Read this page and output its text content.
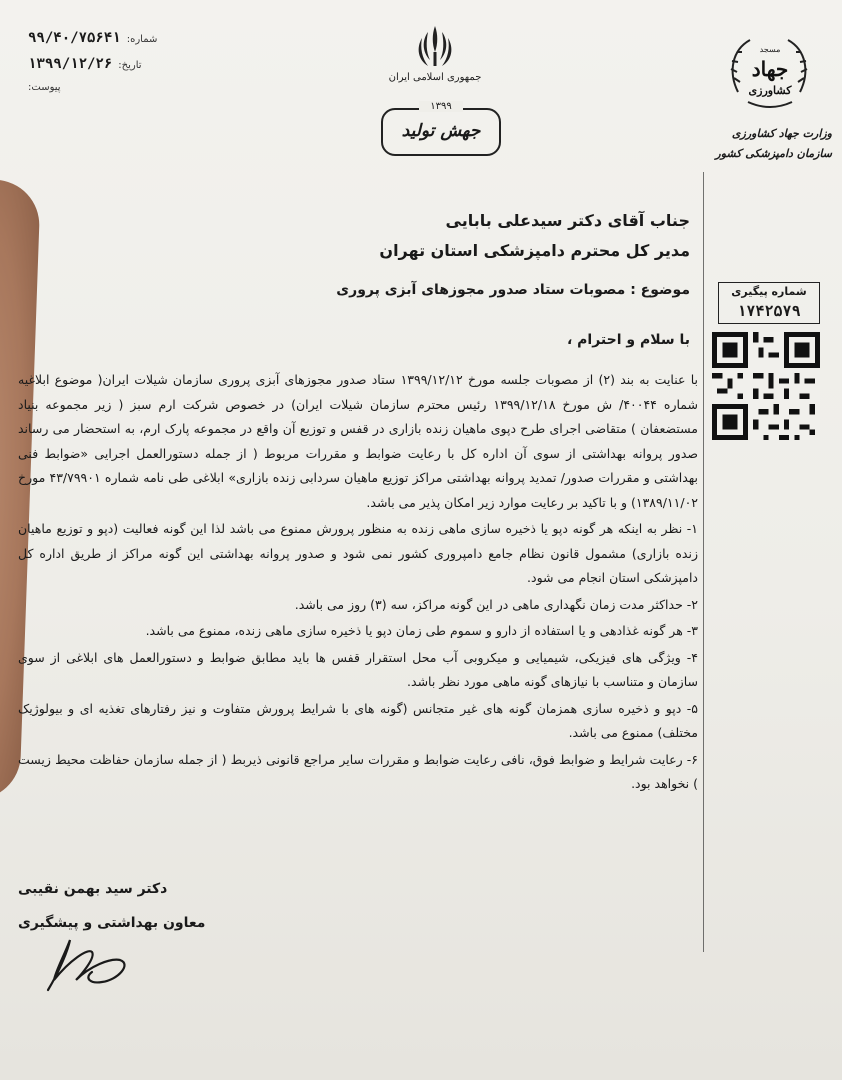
شماره:
۹۹/۴۰/۷۵۶۴۱
تاریخ:
۱۳۹۹/۱۲/۲۶
پیوست:
جمهوری اسلامی ایران
۱۳۹۹
جهش تولید
مسجد
جهاد
کشاورزی
وزارت جهاد کشاورزی
سازمان دامپزشکی کشور
جناب آقای دکتر سیدعلی بابایی
مدیر کل محترم دامپزشکی استان تهران
موضوع : مصوبات ستاد صدور مجوزهای آبزی پروری	شماره پیگیری
۱۷۴۲۵۷۹
با سلام و احترام ،

با عنایت به بند (۲) از مصوبات جلسه مورخ ۱۳۹۹/۱۲/۱۲ ستاد صدور مجوزهای آبزی پروری سازمان شیلات ایران( موضوع ابلاغیه شماره ۴۰۰۴۴/ ش مورخ ۱۳۹۹/۱۲/۱۸ رئیس محترم سازمان شیلات ایران) در خصوص شرکت ارم سبز ( زیر مجموعه بنیاد مستضعفان ) متقاضی اجرای طرح دپوی ماهیان زنده بازاری در قفس و توزیع آن واقع در مجموعه پارک ارم، به استحضار می رساند صدور پروانه بهداشتی از سوی آن اداره کل با رعایت ضوابط و مقررات مربوط ( از جمله دستورالعمل اجرایی «ضوابط فنی بهداشتی و مقررات صدور/ تمدید پروانه بهداشتی مراکز توزیع ماهیان سردابی زنده بازاری» ابلاغی طی نامه شماره ۴۳/۷۹۹۰۱ مورخ ۱۳۸۹/۱۱/۰۲) و با تاکید بر رعایت موارد زیر امکان پذیر می باشد.

۱- نظر به اینکه هر گونه دپو یا ذخیره سازی ماهی زنده به منظور پرورش ممنوع می باشد لذا این گونه فعالیت (دپو و توزیع ماهیان زنده بازاری) مشمول قانون نظام جامع دامپروری کشور نمی شود و صدور پروانه بهداشتی این گونه مراکز از طریق اداره کل دامپزشکی استان انجام می شود.

۲- حداکثر مدت زمان نگهداری ماهی در این گونه مراکز، سه (۳) روز می باشد.

۳- هر گونه غذادهی و یا استفاده از دارو و سموم طی زمان دپو یا ذخیره سازی ماهی زنده، ممنوع می باشد.

۴- ویژگی های فیزیکی، شیمیایی و میکروبی آب محل استقرار قفس ها باید مطابق ضوابط و دستورالعمل های ابلاغی از سوی سازمان و متناسب با نیازهای گونه ماهی مورد نظر باشد.

۵- دپو و ذخیره سازی همزمان گونه های غیر متجانس (گونه های با شرایط پرورش متفاوت و نیز رفتارهای تغذیه ای و بیولوژیک مختلف) ممنوع می باشد.

۶- رعایت شرایط و ضوابط فوق، نافی رعایت ضوابط و مقررات سایر مراجع قانونی ذیربط ( از جمله سازمان حفاظت محیط زیست ) نخواهد بود.

دکتر سید بهمن نقیبی
معاون بهداشتی و پیشگیری
